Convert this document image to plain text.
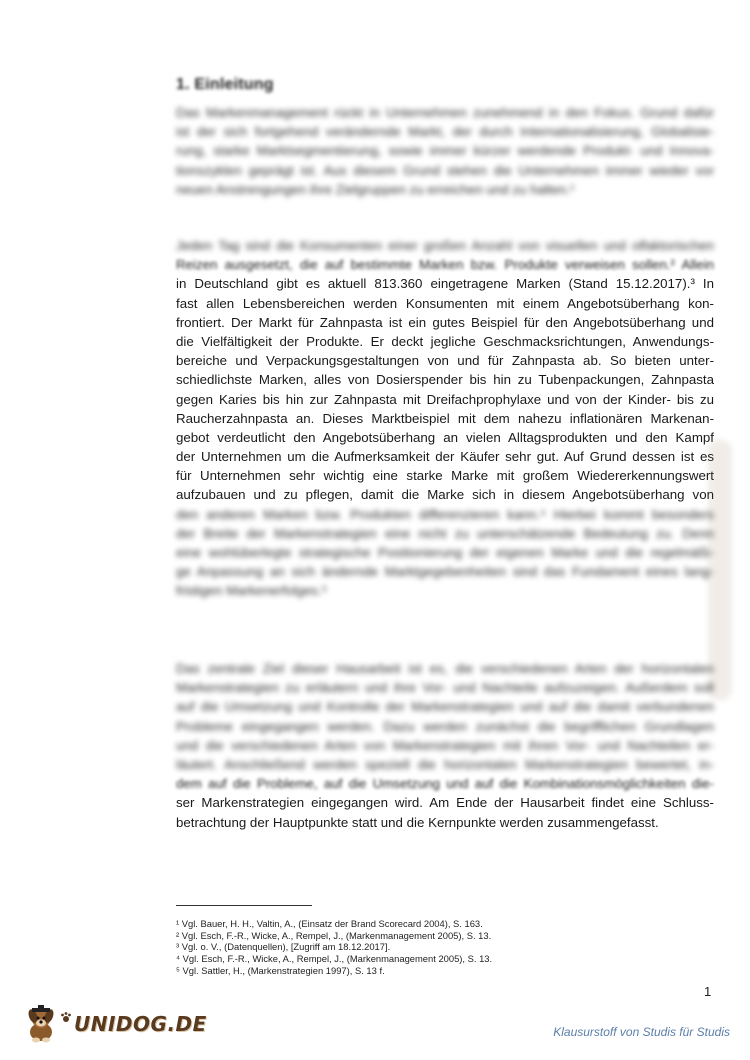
1. Einleitung
Das Markenmanagement rückt in Unternehmen zunehmend in den Fokus. Grund dafür
ist der sich fortgehend verändernde Markt, der durch Internationalisierung, Globalisie-
rung, starke Marktsegmentierung, sowie immer kürzer werdende Produkt- und Innova-
tionszyklen geprägt ist. Aus diesem Grund stehen die Unternehmen immer wieder vor
neuen Anstrengungen ihre Zielgruppen zu erreichen und zu halten.¹
Jeden Tag sind die Konsumenten einer großen Anzahl von visuellen und olfaktorischen
Reizen ausgesetzt, die auf bestimmte Marken bzw. Produkte verweisen sollen.² Allein
in Deutschland gibt es aktuell 813.360 eingetragene Marken (Stand 15.12.2017).³ In
fast allen Lebensbereichen werden Konsumenten mit einem Angebotsüberhang kon-
frontiert. Der Markt für Zahnpasta ist ein gutes Beispiel für den Angebotsüberhang und
die Vielfältigkeit der Produkte. Er deckt jegliche Geschmacksrichtungen, Anwendungs-
bereiche und Verpackungsgestaltungen von und für Zahnpasta ab. So bieten unter-
schiedlichste Marken, alles von Dosierspender bis hin zu Tubenpackungen, Zahnpasta
gegen Karies bis hin zur Zahnpasta mit Dreifachprophylaxe und von der Kinder- bis zu
Raucherzahnpasta an. Dieses Marktbeispiel mit dem nahezu inflationären Markenan-
gebot verdeutlicht den Angebotsüberhang an vielen Alltagsprodukten und den Kampf
der Unternehmen um die Aufmerksamkeit der Käufer sehr gut. Auf Grund dessen ist es
für Unternehmen sehr wichtig eine starke Marke mit großem Wiedererkennungswert
aufzubauen und zu pflegen, damit die Marke sich in diesem Angebotsüberhang von
den anderen Marken bzw. Produkten differenzieren kann.⁴ Hierbei kommt besonders
der Breite der Markenstrategien eine nicht zu unterschätzende Bedeutung zu. Denn
eine wohlüberlegte strategische Positionierung der eigenen Marke und die regelmäßi-
ge Anpassung an sich ändernde Marktgegebenheiten sind das Fundament eines lang-
fristigen Markenerfolges.⁵
Das zentrale Ziel dieser Hausarbeit ist es, die verschiedenen Arten der horizontalen
Markenstrategien zu erläutern und ihre Vor- und Nachteile aufzuzeigen. Außerdem soll
auf die Umsetzung und Kontrolle der Markenstrategien und auf die damit verbundenen
Probleme eingegangen werden. Dazu werden zunächst die begrifflichen Grundlagen
und die verschiedenen Arten von Markenstrategien mit ihren Vor- und Nachteilen er-
läutert. Anschließend werden speziell die horizontalen Markenstrategien bewertet, in-
dem auf die Probleme, auf die Umsetzung und auf die Kombinationsmöglichkeiten die-
ser Markenstrategien eingegangen wird. Am Ende der Hausarbeit findet eine Schluss-
betrachtung der Hauptpunkte statt und die Kernpunkte werden zusammengefasst.
¹ Vgl. Bauer, H. H., Valtin, A., (Einsatz der Brand Scorecard 2004), S. 163.
² Vgl. Esch, F.-R., Wicke, A., Rempel, J., (Markenmanagement 2005), S. 13.
³ Vgl. o. V., (Datenquellen), [Zugriff am 18.12.2017].
⁴ Vgl. Esch, F.-R., Wicke, A., Rempel, J., (Markenmanagement 2005), S. 13.
⁵ Vgl. Sattler, H., (Markenstrategien 1997), S. 13 f.
1
UNIDOG.DE	Klausurstoff von Studis für Studis
